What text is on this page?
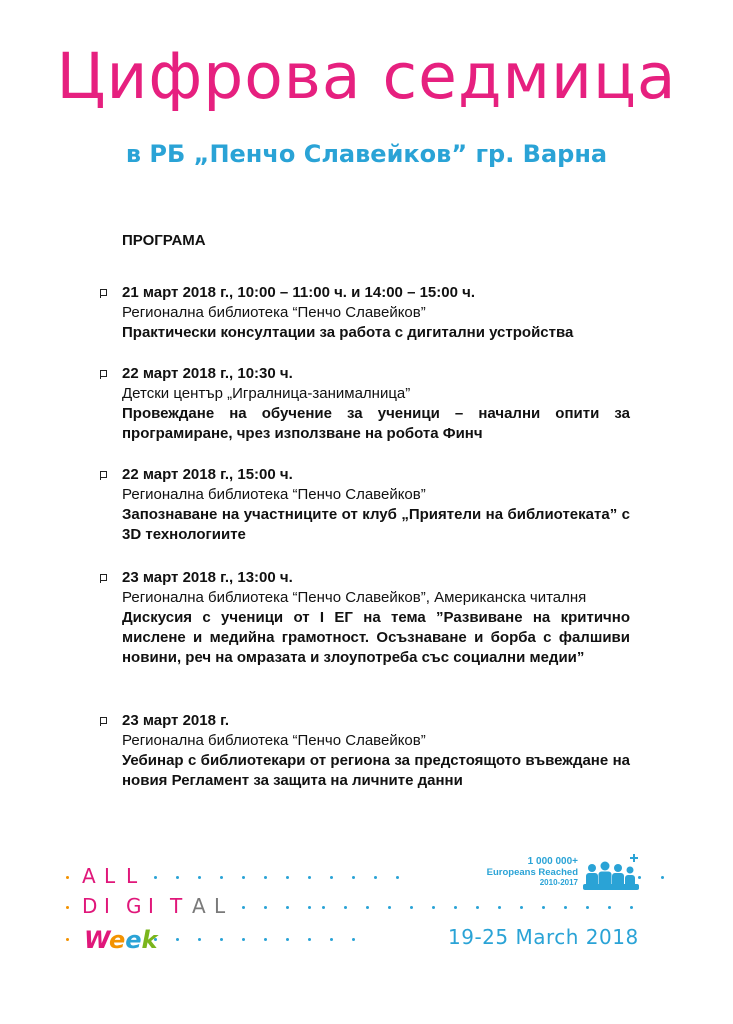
Цифрова седмица
в РБ „Пенчо Славейков” гр. Варна
ПРОГРАМА
21 март 2018 г., 10:00 – 11:00 ч. и 14:00 – 15:00 ч.
Регионална библиотека “Пенчо Славейков”
Практически консултации за работа с дигитални устройства
22 март 2018 г., 10:30 ч.
Детски център „Игралница-занималница”
Провеждане на обучение за ученици – начални опити за програмиране, чрез използване на робота Финч
22 март 2018 г., 15:00 ч.
Регионална библиотека “Пенчо Славейков”
Запознаване на участниците от клуб „Приятели на библиотеката” с 3D технологиите
23 март 2018 г., 13:00 ч.
Регионална библиотека “Пенчо Славейков”, Американска читалня
Дискусия с ученици от I ЕГ на тема ”Развиване на критично мислене и медийна грамотност. Осъзнаване и борба с фалшиви новини, реч на омразата и злоупотреба със социални медии”
23 март 2018 г.
Регионална библиотека “Пенчо Славейков”
Уебинар с библиотекари от региона за предстоящото въвеждане на новия Регламент за защита на личните данни
A L L
D I G I T A L
Week
1 000 000+
Europeans Reached
2010-2017
19-25 March 2018
